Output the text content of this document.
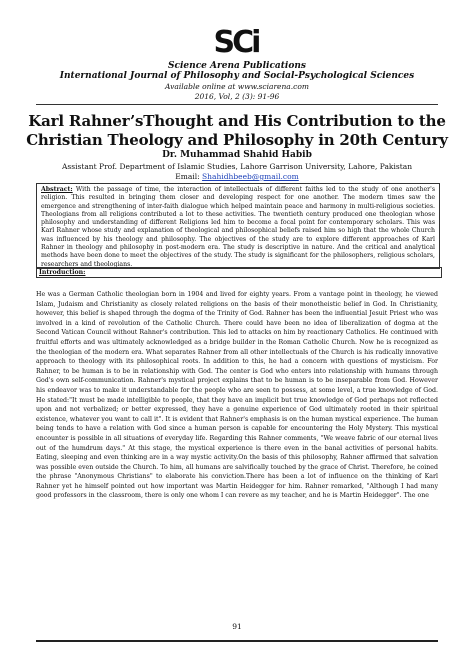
SCi
Science Arena Publications
International Journal of Philosophy and Social-Psychological Sciences
Available online at www.sciarena.com
2016, Vol, 2 (3): 91-96
Karl Rahner’sThought and His Contribution to the
Christian Theology and Philosophy in 20th Century
Dr. Muhammad Shahid Habib
Assistant Prof. Department of Islamic Studies, Lahore Garrison University, Lahore, Pakistan
Email: Shahidhbeeb@gmail.com
Abstract: With the passage of time, the interaction of intellectuals of different faiths led to the study of one another's religion. This resulted in bringing them closer and developing respect for one another. The modern times saw the emergence and strengthening of inter-faith dialogue which helped maintain peace and harmony in multi-religious societies. Theologians from all religions contributed a lot to these activities. The twentieth century produced one theologian whose philosophy and understanding of different Religions led him to become a focal point for contemporary scholars. This was Karl Rahner whose study and explanation of theological and philosophical beliefs raised him so high that the whole Church was influenced by his theology and philosophy. The objectives of the study are to explore different approaches of Karl Rahner in theology and philosophy in post-modern era. The study is descriptive in nature. And the critical and analytical methods have been done to meet the objectives of the study. The study is significant for the philosophers, religious scholars, researchers and theologians.

Introduction:
He was a German Catholic theologian born in 1904 and lived for eighty years. From a vantage point in theology, he viewed Islam, Judaism and Christianity as closely related religions on the basis of their monotheistic belief in God. In Christianity, however, this belief is shaped through the dogma of the Trinity of God. Rahner has been the influential Jesuit Priest who was involved in a kind of revolution of the Catholic Church. There could have been no idea of liberalization of dogma at the Second Vatican Council without Rahner's contribution. This led to attacks on him by reactionary Catholics. He continued with fruitful efforts and was ultimately acknowledged as a bridge builder in the Roman Catholic Church. Now he is recognized as the theologian of the modern era. What separates Rahner from all other intellectuals of the Church is his radically innovative approach to theology with its philosophical roots. In addition to this, he had a concern with questions of mysticism. For Rahner, to be human is to be in relationship with God. The center is God who enters into relationship with humans through God's own self-communication. Rahner's mystical project explains that to be human is to be inseparable from God. However his endeavor was to make it understandable for the people who are seen to possess, at some level, a true knowledge of God. He stated:"It must be made intelligible to people, that they have an implicit but true knowledge of God perhaps not reflected upon and not verbalized; or better expressed, they have a genuine experience of God ultimately rooted in their spiritual existence, whatever you want to call it". It is evident that Rahner's emphasis is on the human mystical experience. The human being tends to have a relation with God since a human person is capable for encountering the Holy Mystery. This mystical encounter is possible in all situations of everyday life. Regarding this Rahner comments, "We weave fabric of our eternal lives out of the humdrum days." At this stage, the mystical experience is there even in the banal activities of personal habits. Eating, sleeping and even thinking are in a way mystic activity.On the basis of this philosophy, Rahner affirmed that salvation was possible even outside the Church. To him, all humans are salvifically touched by the grace of Christ. Therefore, he coined the phrase "Anonymous Christians" to elaborate his conviction.There has been a lot of influence on the thinking of Karl Rahner yet he himself pointed out how important was Martin Heidegger for him. Rahner remarked, "Although I had many good professors in the classroom, there is only one whom I can revere as my teacher, and he is Martin Heidegger". The one
91
